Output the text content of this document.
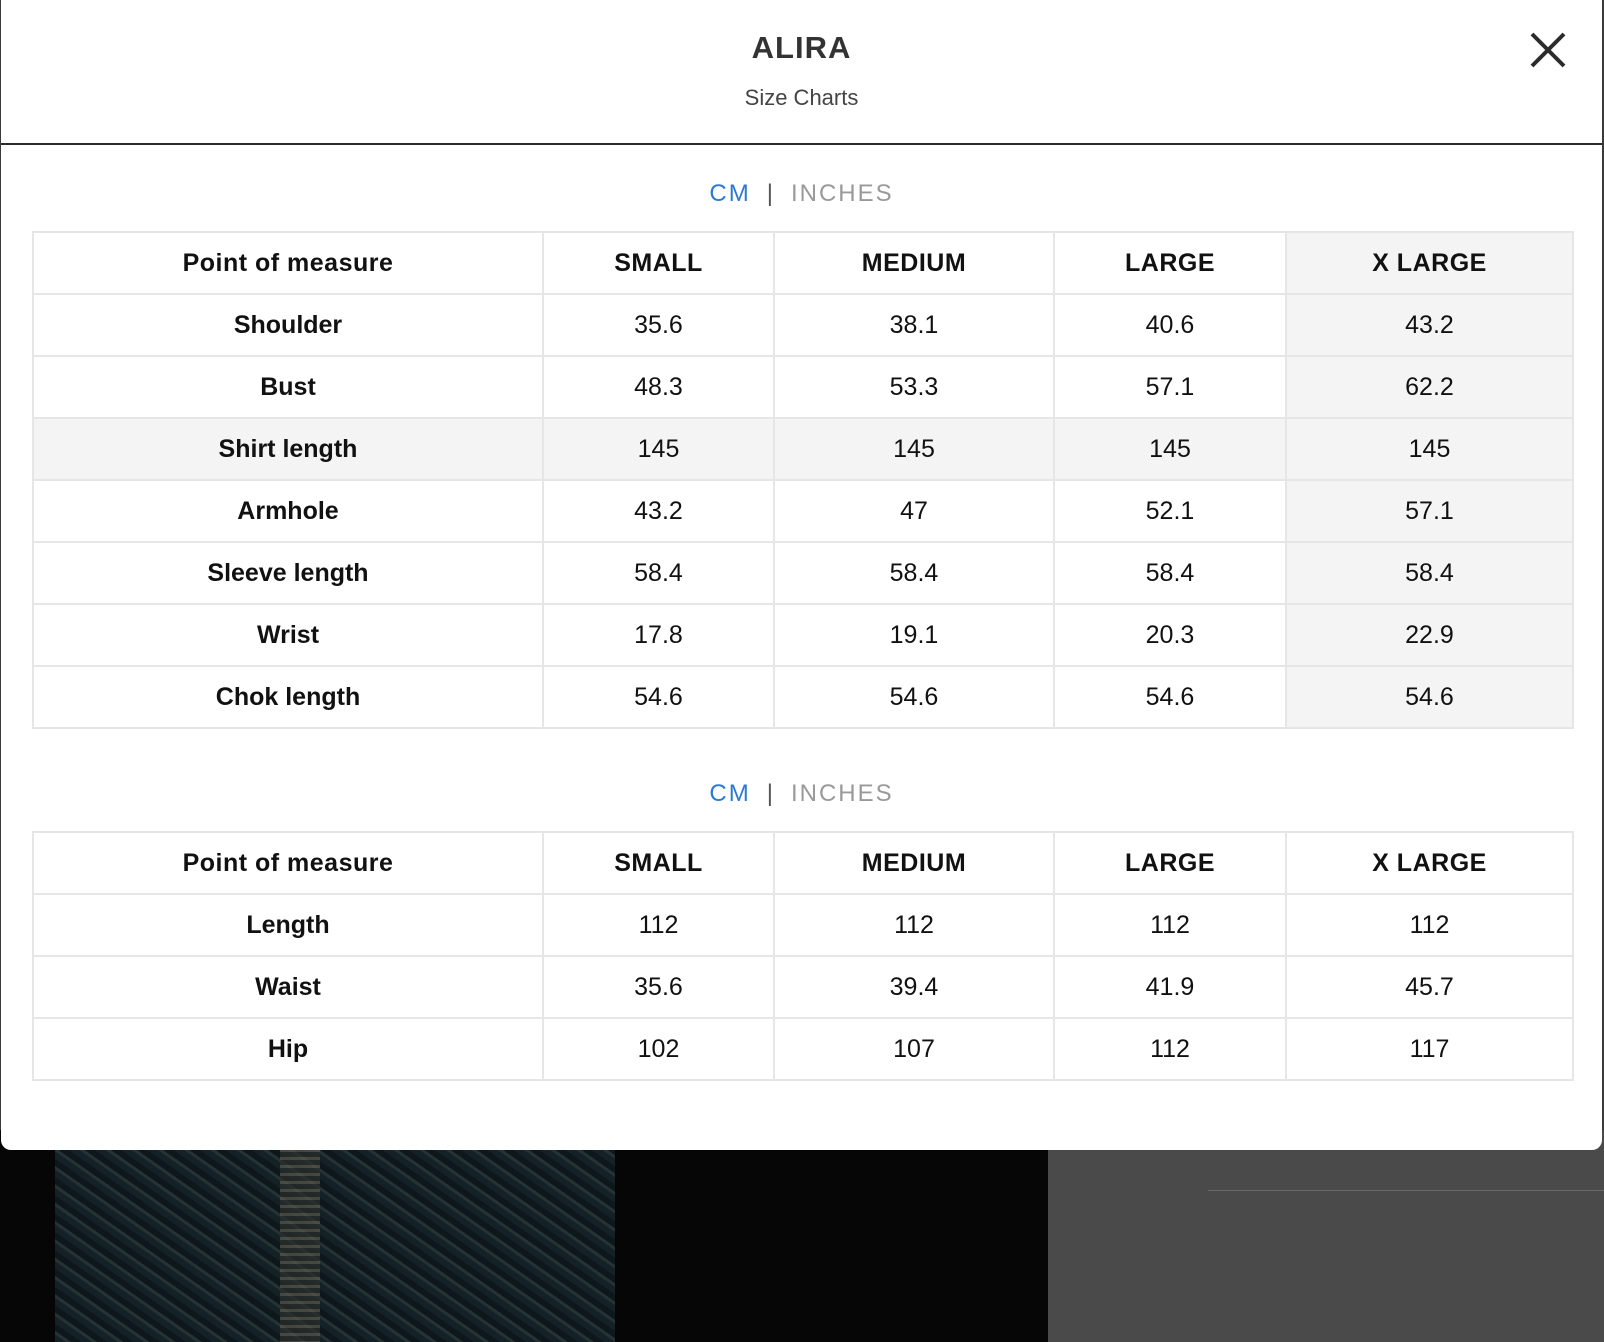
ALIRA
Size Charts
CM | INCHES
Point of measure	SMALL	MEDIUM	LARGE	X LARGE
Shoulder	35.6	38.1	40.6	43.2
Bust	48.3	53.3	57.1	62.2
Shirt length	145	145	145	145
Armhole	43.2	47	52.1	57.1
Sleeve length	58.4	58.4	58.4	58.4
Wrist	17.8	19.1	20.3	22.9
Chok length	54.6	54.6	54.6	54.6
CM | INCHES
Point of measure	SMALL	MEDIUM	LARGE	X LARGE
Length	112	112	112	112
Waist	35.6	39.4	41.9	45.7
Hip	102	107	112	117
